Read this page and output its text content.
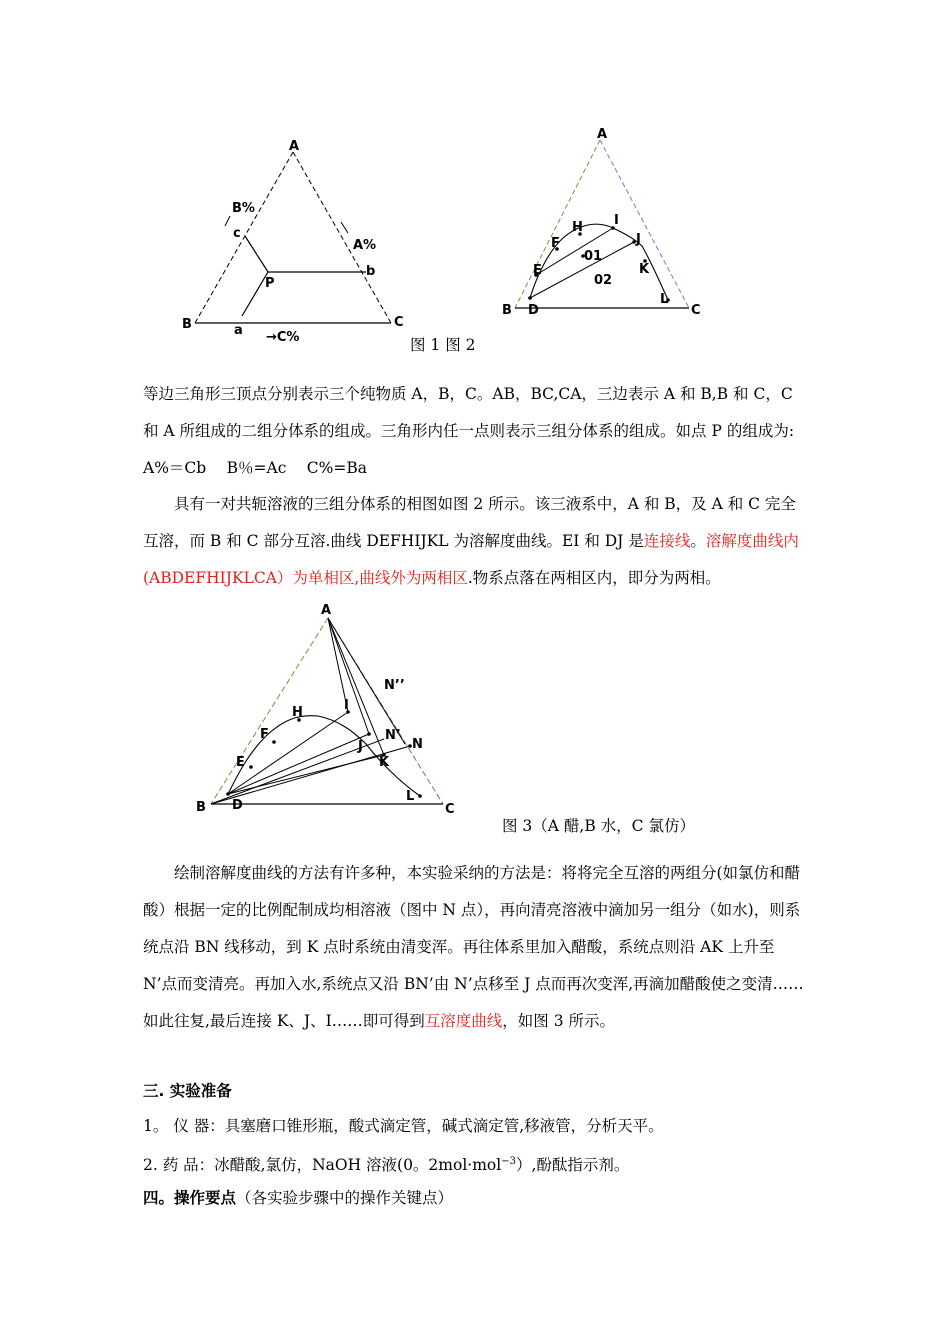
A
B	C
B%
A%
→C%
c
b
a
P
A
B	C
D
E
F
H I
J
K
L
01
02
图 1 图 2

等边三角形三顶点分别表示三个纯物质 A，B，C。AB，BC,CA，三边表示 A 和 B,B 和 C，C 和 A 所组成的二组分体系的组成。三角形内任一点则表示三组分体系的组成。如点 P 的组成为: A%＝Cb　 B％=Ac　 C%=Ba

具有一对共轭溶液的三组分体系的相图如图 2 所示。该三液系中，A 和 B，及 A 和 C 完全互溶，而 B 和 C 部分互溶.曲线 DEFHIJKL 为溶解度曲线。EI 和 DJ 是连接线。溶解度曲线内(ABDEFHIJKLCA）为单相区,曲线外为两相区.物系点落在两相区内，即分为两相。

A
B	C
D
E
F
H	I
J
K
L
N
N’
N’’
图 3（A 醋,B 水，C 氯仿）

绘制溶解度曲线的方法有许多种，本实验采纳的方法是：将将完全互溶的两组分(如氯仿和醋酸）根据一定的比例配制成均相溶液（图中 N 点），再向清亮溶液中滴加另一组分（如水)，则系统点沿 BN 线移动，到 K 点时系统由清变浑。再往体系里加入醋酸，系统点则沿 AK 上升至 N’点而变清亮。再加入水,系统点又沿 BN’由 N’点移至 J 点而再次变浑,再滴加醋酸使之变清……如此往复,最后连接 K、J、I……即可得到互溶度曲线，如图 3 所示。

三. 实验准备
1。 仪 器：具塞磨口锥形瓶，酸式滴定管，碱式滴定管,移液管，分析天平。
2. 药 品：冰醋酸,氯仿，NaOH 溶液(0。2mol·mol$^{-3}$）,酚酞指示剂。
四。操作要点（各实验步骤中的操作关键点）
